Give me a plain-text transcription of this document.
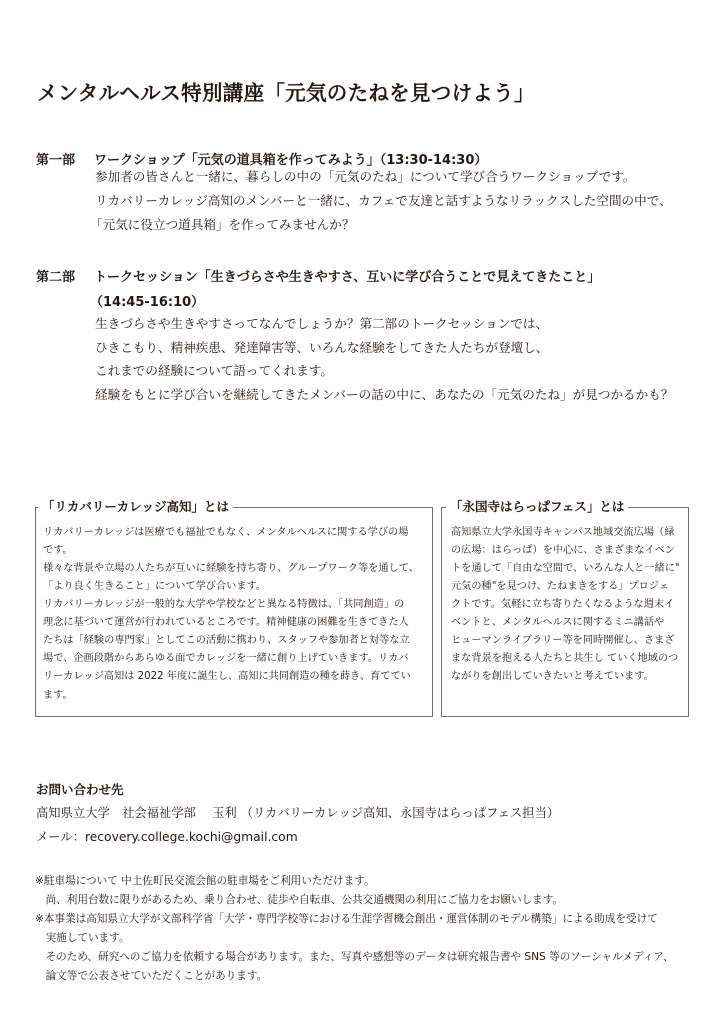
メンタルヘルス特別講座「元気のたねを見つけよう」
第一部 ワークショップ「元気の道具箱を作ってみよう」（13:30-14:30）
参加者の皆さんと一緒に、暮らしの中の「元気のたね」について学び合うワークショップです。
リカバリーカレッジ高知のメンバーと一緒に、カフェで友達と話すようなリラックスした空間の中で、
「元気に役立つ道具箱」を作ってみませんか？
第二部 トークセッション「生きづらさや生きやすさ、互いに学び合うことで見えてきたこと」
（14:45-16:10）
生きづらさや生きやすさってなんでしょうか？第二部のトークセッションでは、
ひきこもり、精神疾患、発達障害等、いろんな経験をしてきた人たちが登壇し、
これまでの経験について語ってくれます。
経験をもとに学び合いを継続してきたメンバーの話の中に、あなたの「元気のたね」が見つかるかも？
「リカバリーカレッジ高知」とは
リカバリーカレッジは医療でも福祉でもなく、メンタルヘルスに関する学びの場
です。
様々な背景や立場の人たちが互いに経験を持ち寄り、グループワーク等を通して、
「より良く生きること」について学び合います。
リカバリーカレッジが一般的な大学や学校などと異なる特徴は、「共同創造」の
理念に基づいて運営が行われているところです。精神健康の困難を生きてきた人
たちは「経験の専門家」としてこの活動に携わり、スタッフや参加者と対等な立
場で、企画段階からあらゆる面でカレッジを一緒に創り上げていきます。リカバ
リーカレッジ高知は 2022 年度に誕生し、高知に共同創造の種を蒔き、育ててい
ます。
「永国寺はらっぱフェス」とは
高知県立大学永国寺キャンパス地域交流広場（緑
の広場：はらっぱ）を中心に、さまざまなイベン
トを通して「自由な空間で、いろんな人と一緒に"
元気の種"を見つけ、たねまきをする」プロジェ
クトです。気軽に立ち寄りたくなるような週末イ
ベントと、メンタルヘルスに関するミニ講話や
ヒューマンライブラリー等を同時開催し、さまざ
まな背景を抱える人たちと共生し ていく地域のつ
ながりを創出していきたいと考えています。
お問い合わせ先
高知県立大学　社会福祉学部　 玉利 （リカバリーカレッジ高知、永国寺はらっぱフェス担当）
メール：recovery.college.kochi@gmail.com
※駐車場について 中土佐町民交流会館の駐車場をご利用いただけます。
　尚、利用台数に限りがあるため、乗り合わせ、徒歩や自転車、公共交通機関の利用にご協力をお願いします。
※本事業は高知県立大学が文部科学省「大学・専門学校等における生涯学習機会創出・運営体制のモデル構築」による助成を受けて
　実施しています。
　そのため、研究へのご協力を依頼する場合があります。また、写真や感想等のデータは研究報告書や SNS 等のソーシャルメディア、
　論文等で公表させていただくことがあります。
